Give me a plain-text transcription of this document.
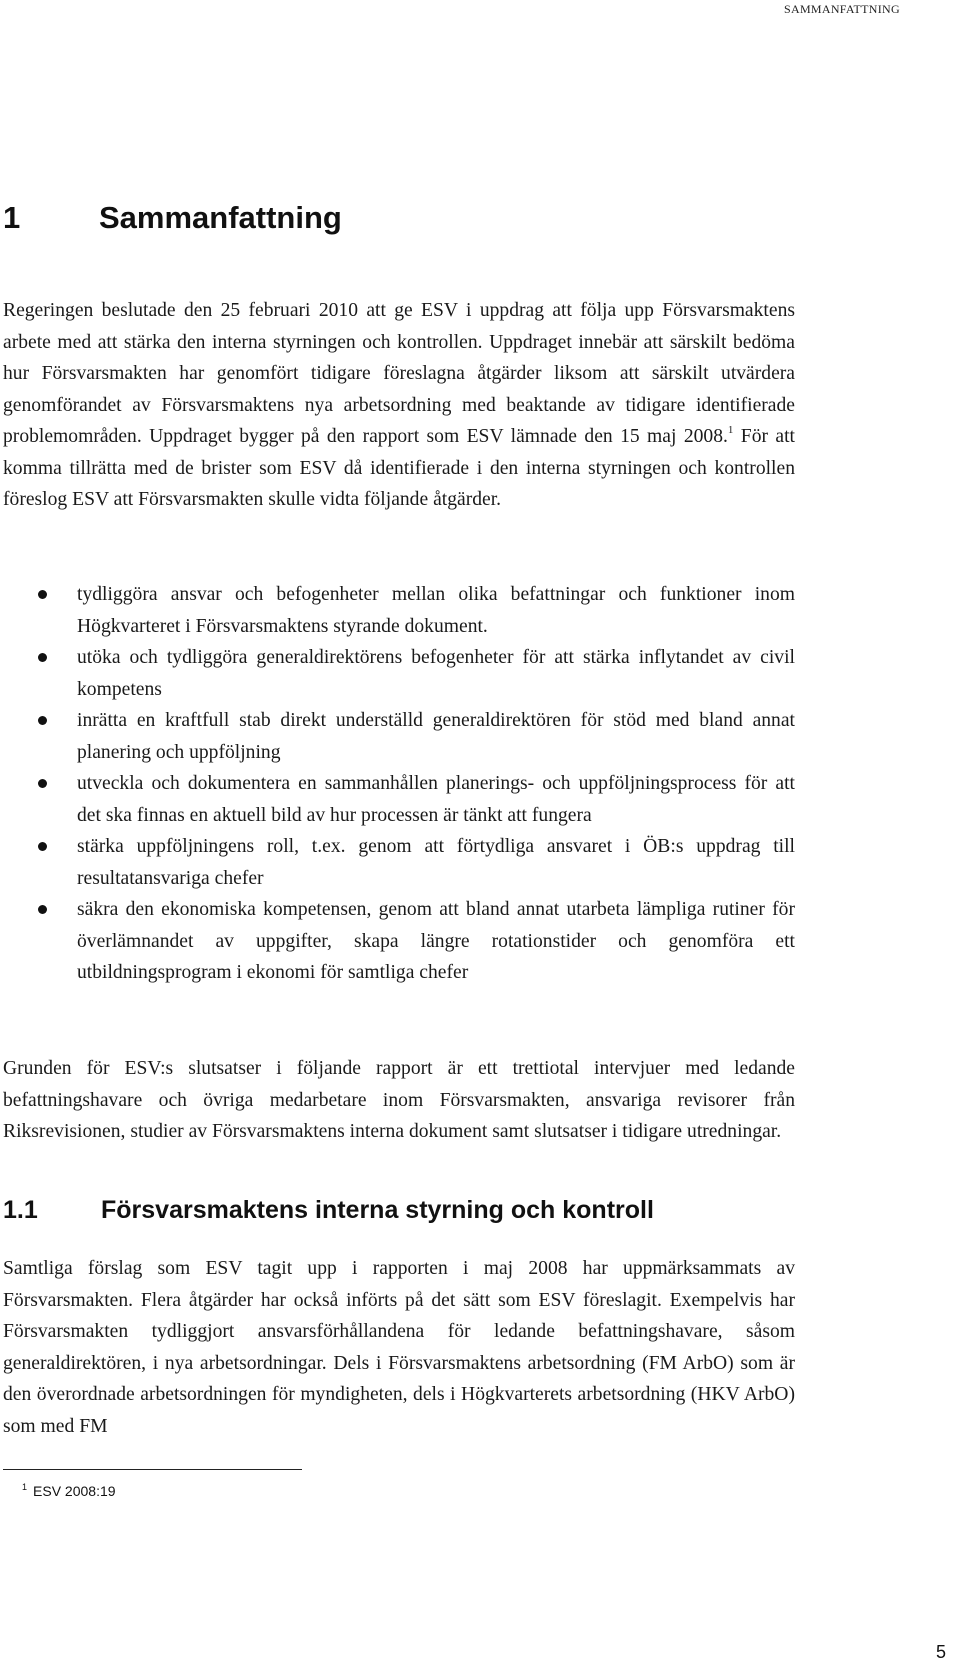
SAMMANFATTNING
1	Sammanfattning

Regeringen beslutade den 25 februari 2010 att ge ESV i uppdrag att följa upp Försvarsmaktens arbete med att stärka den interna styrningen och kontrollen. Uppdraget innebär att särskilt bedöma hur Försvarsmakten har genomfört tidigare föreslagna åtgärder liksom att särskilt utvärdera genomförandet av Försvarsmaktens nya arbetsordning med beaktande av tidigare identifierade problemområden. Uppdraget bygger på den rapport som ESV lämnade den 15 maj 2008.$^1$ För att komma tillrätta med de brister som ESV då identifierade i den interna styrningen och kontrollen föreslog ESV att Försvarsmakten skulle vidta följande åtgärder.

tydliggöra ansvar och befogenheter mellan olika befattningar och funktioner inom Högkvarteret i Försvarsmaktens styrande dokument.
utöka och tydliggöra generaldirektörens befogenheter för att stärka inflytandet av civil kompetens
inrätta en kraftfull stab direkt underställd generaldirektören för stöd med bland annat planering och uppföljning
utveckla och dokumentera en sammanhållen planerings- och uppföljningsprocess för att det ska finnas en aktuell bild av hur processen är tänkt att fungera
stärka uppföljningens roll, t.ex. genom att förtydliga ansvaret i ÖB:s uppdrag till resultatansvariga chefer
säkra den ekonomiska kompetensen, genom att bland annat utarbeta lämpliga rutiner för överlämnandet av uppgifter, skapa längre rotationstider och genomföra ett utbildningsprogram i ekonomi för samtliga chefer

Grunden för ESV:s slutsatser i följande rapport är ett trettiotal intervjuer med ledande befattningshavare och övriga medarbetare inom Försvarsmakten, ansvariga revisorer från Riksrevisionen, studier av Försvarsmaktens interna dokument samt slutsatser i tidigare utredningar.

1.1	Försvarsmaktens interna styrning och kontroll

Samtliga förslag som ESV tagit upp i rapporten i maj 2008 har uppmärksammats av Försvarsmakten. Flera åtgärder har också införts på det sätt som ESV föreslagit. Exempelvis har Försvarsmakten tydliggjort ansvarsförhållandena för ledande befattningshavare, såsom generaldirektören, i nya arbetsordningar. Dels i Försvarsmaktens arbetsordning (FM ArbO) som är den överordnade arbetsordningen för myndigheten, dels i Högkvarterets arbetsordning (HKV ArbO) som med FM

$^1$ ESV 2008:19
5
